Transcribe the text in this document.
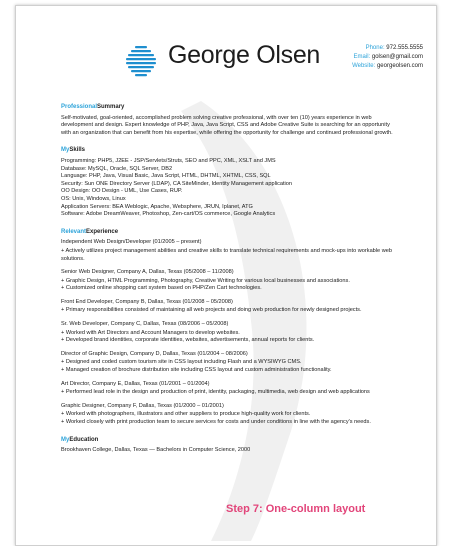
George Olsen	Phone: 972.555.5555
Email: golsen@gmail.com
Website: georgeolsen.com
ProfessionalSummary

Self-motivated, goal-oriented, accomplished problem solving creative professional, with over ten (10) years experience in web development and design. Expert knowledge of PHP, Java, Java Script, CSS and Adobe Creative Suite is searching for an opportunity with an organization that can benefit from his expertise, while offering the opportunity for challenge and continued professional growth.

MySkills

Programming: PHP5, J2EE - JSP/Servlets/Struts, SEO and PPC, XML, XSLT and JMS

Database: MySQL, Oracle, SQL Server, DB2

Language: PHP, Java, Visual Basic, Java Script, HTML, DHTML, XHTML, CSS, SQL

Security: Sun ONE Directory Server (LDAP), CA SiteMinder, Identity Management application

OO Design: OO Design - UML, Use Cases, RUP.

OS: Unix, Windows, Linux

Application Servers: BEA Weblogic, Apache, Websphere, JRUN, Iplanet, ATG

Software: Adobe DreamWeaver, Photoshop, Zen-cart/OS commerce, Google Analytics

RelevantExperience

Independent Web Design/Developer (01/2005 – present)

+ Actively utilizes project management abilities and creative skills to translate technical requirements and mock-ups into workable web solutions.

Senior Web Designer, Company A, Dallas, Texas (05/2008 – 11/2008)

+ Graphic Design, HTML Programming, Photography, Creative Writing for various local businesses and associations.

+ Customized online shopping cart system based on PHP/Zen Cart technologies.

Front End Developer, Company B, Dallas, Texas (01/2008 – 05/2008)

+ Primary responsibilities consisted of maintaining all web projects and doing web production for newly designed projects.

Sr. Web Developer, Company C, Dallas, Texas (08/2006 – 05/2008)

+ Worked with Art Directors and Account Managers to develop websites.

+ Developed brand identities, corporate identities, websites, advertisements, annual reports for clients.

Director of Graphic Design, Company D, Dallas, Texas (01/2004 – 08/2006)

+ Designed and coded custom tourism site in CSS layout including Flash and a WYSIWYG CMS.

+ Managed creation of brochure distribution site including CSS layout and custom administration functionality.

Art Director, Company E, Dallas, Texas (01/2001 – 01/2004)

+ Performed lead role in the design and production of print, identity, packaging, multimedia, web design and web applications

Graphic Designer, Company F, Dallas, Texas (01/2000 – 01/2001)

+ Worked with photographers, illustrators and other suppliers to produce high-quality work for clients.

+ Worked closely with print production team to secure services for costs and under conditions in line with the agency's needs.

MyEducation

Brookhaven College, Dallas, Texas — Bachelors in Computer Science, 2000

Step 7: One-column layout
